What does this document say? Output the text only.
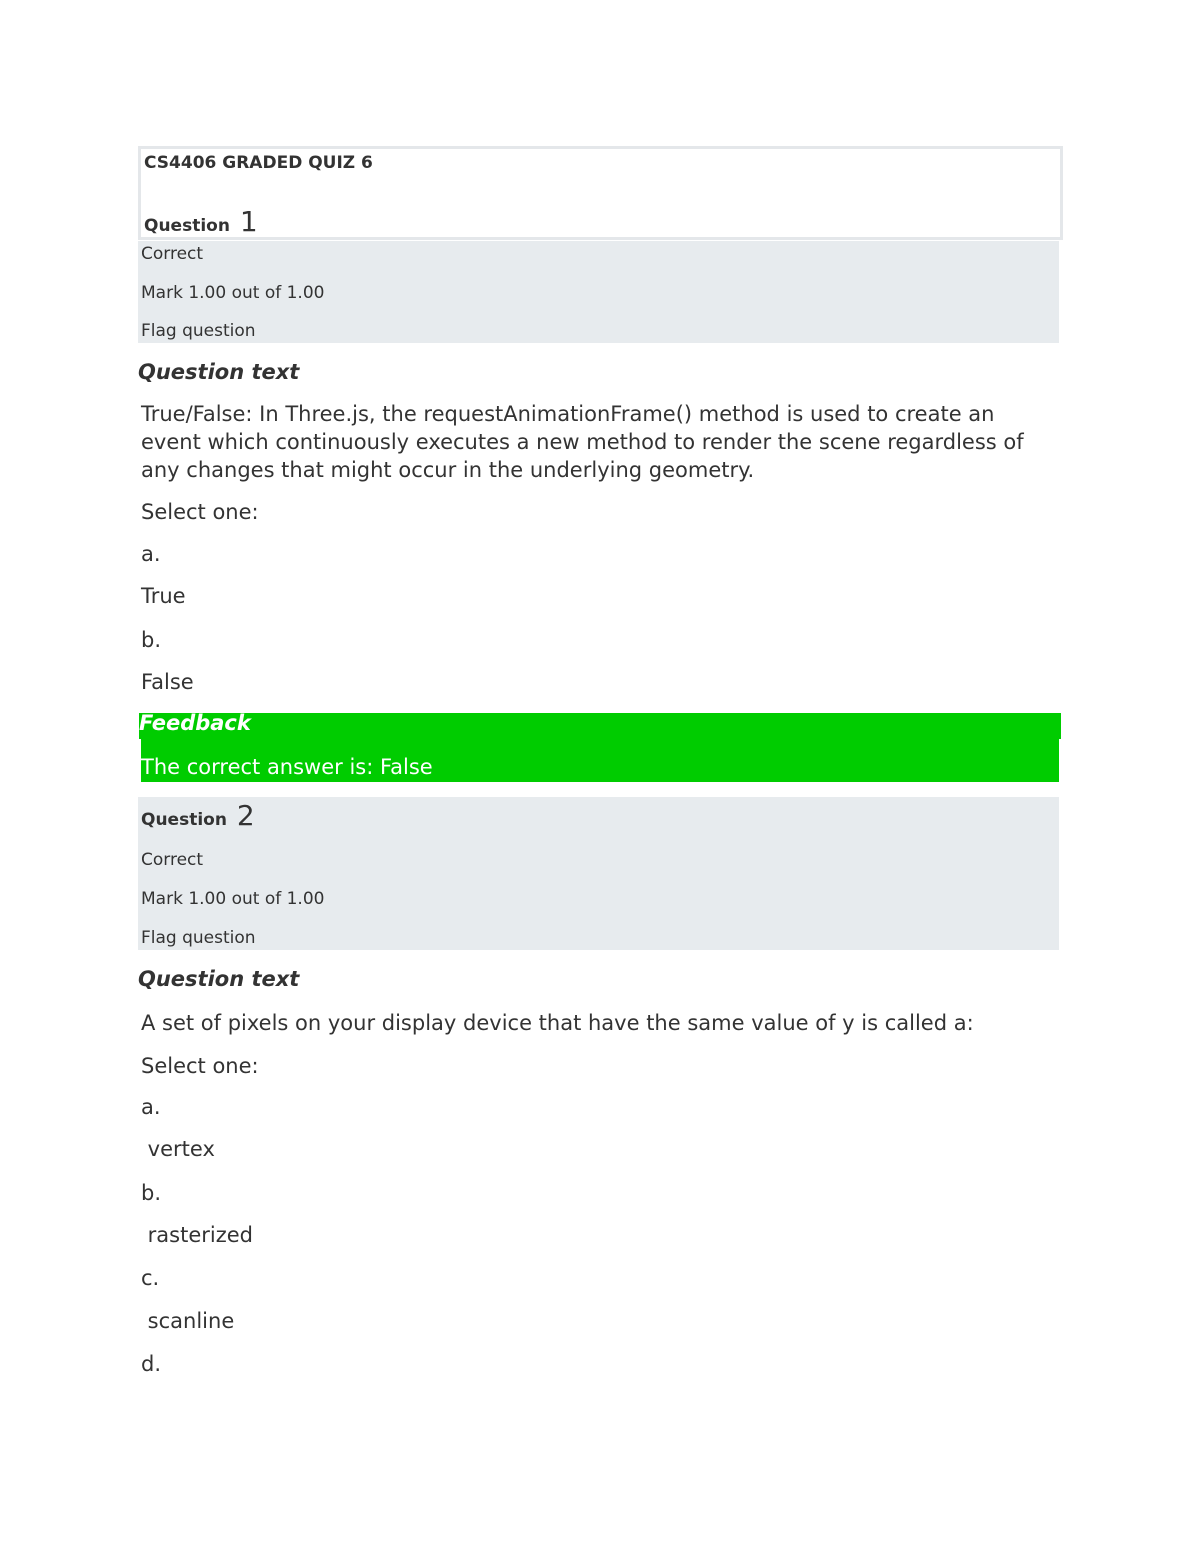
CS4406 GRADED QUIZ 6
Question 1
Correct
Mark 1.00 out of 1.00
Flag question
Question text
True/False: In Three.js, the requestAnimationFrame() method is used to create an
event which continuously executes a new method to render the scene regardless of
any changes that might occur in the underlying geometry.
Select one:
a.
True
b.
False
Feedback
The correct answer is: False
Question 2
Correct
Mark 1.00 out of 1.00
Flag question
Question text
A set of pixels on your display device that have the same value of y is called a:
Select one:
a.
vertex
b.
rasterized
c.
scanline
d.
